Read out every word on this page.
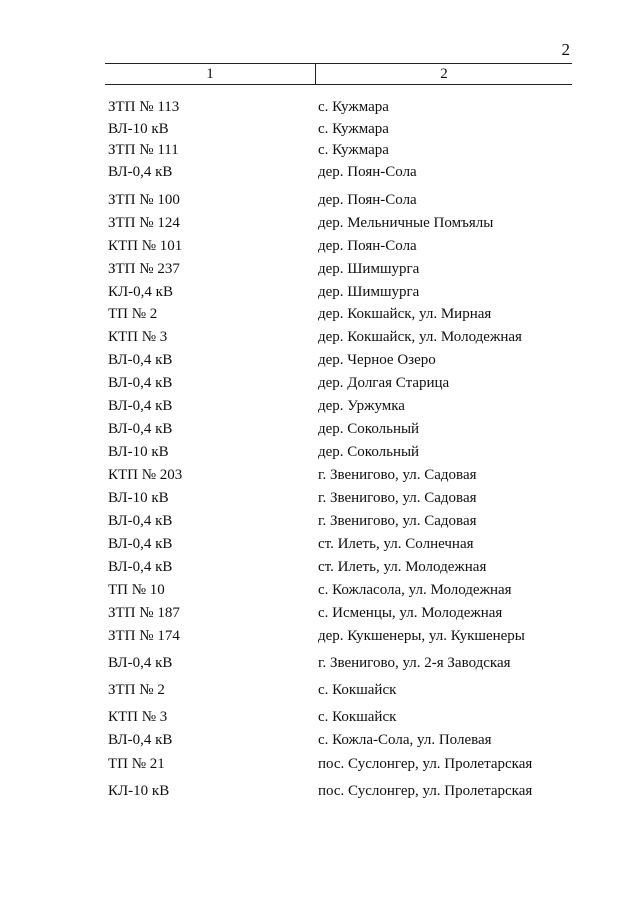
2
1	2
ЗТП № 113	с. Кужмара
ВЛ-10 кВ	с. Кужмара
ЗТП № 111	с. Кужмара
ВЛ-0,4 кВ	дер. Поян-Сола
ЗТП № 100	дер. Поян-Сола
ЗТП № 124	дер. Мельничные Помъялы
КТП № 101	дер. Поян-Сола
ЗТП № 237	дер. Шимшурга
КЛ-0,4 кВ	дер. Шимшурга
ТП № 2	дер. Кокшайск, ул. Мирная
КТП № 3	дер. Кокшайск, ул. Молодежная
ВЛ-0,4 кВ	дер. Черное Озеро
ВЛ-0,4 кВ	дер. Долгая Старица
ВЛ-0,4 кВ	дер. Уржумка
ВЛ-0,4 кВ	дер. Сокольный
ВЛ-10 кВ	дер. Сокольный
КТП № 203	г. Звенигово, ул. Садовая
ВЛ-10 кВ	г. Звенигово, ул. Садовая
ВЛ-0,4 кВ	г. Звенигово, ул. Садовая
ВЛ-0,4 кВ	ст. Илеть, ул. Солнечная
ВЛ-0,4 кВ	ст. Илеть, ул. Молодежная
ТП № 10	с. Кожласола, ул. Молодежная
ЗТП № 187	с. Исменцы, ул. Молодежная
ЗТП № 174	дер. Кукшенеры, ул. Кукшенеры
ВЛ-0,4 кВ	г. Звенигово, ул. 2-я Заводская
ЗТП № 2	с. Кокшайск
КТП № 3	с. Кокшайск
ВЛ-0,4 кВ	с. Кожла-Сола, ул. Полевая
ТП № 21	пос. Суслонгер, ул. Пролетарская
КЛ-10 кВ	пос. Суслонгер, ул. Пролетарская
